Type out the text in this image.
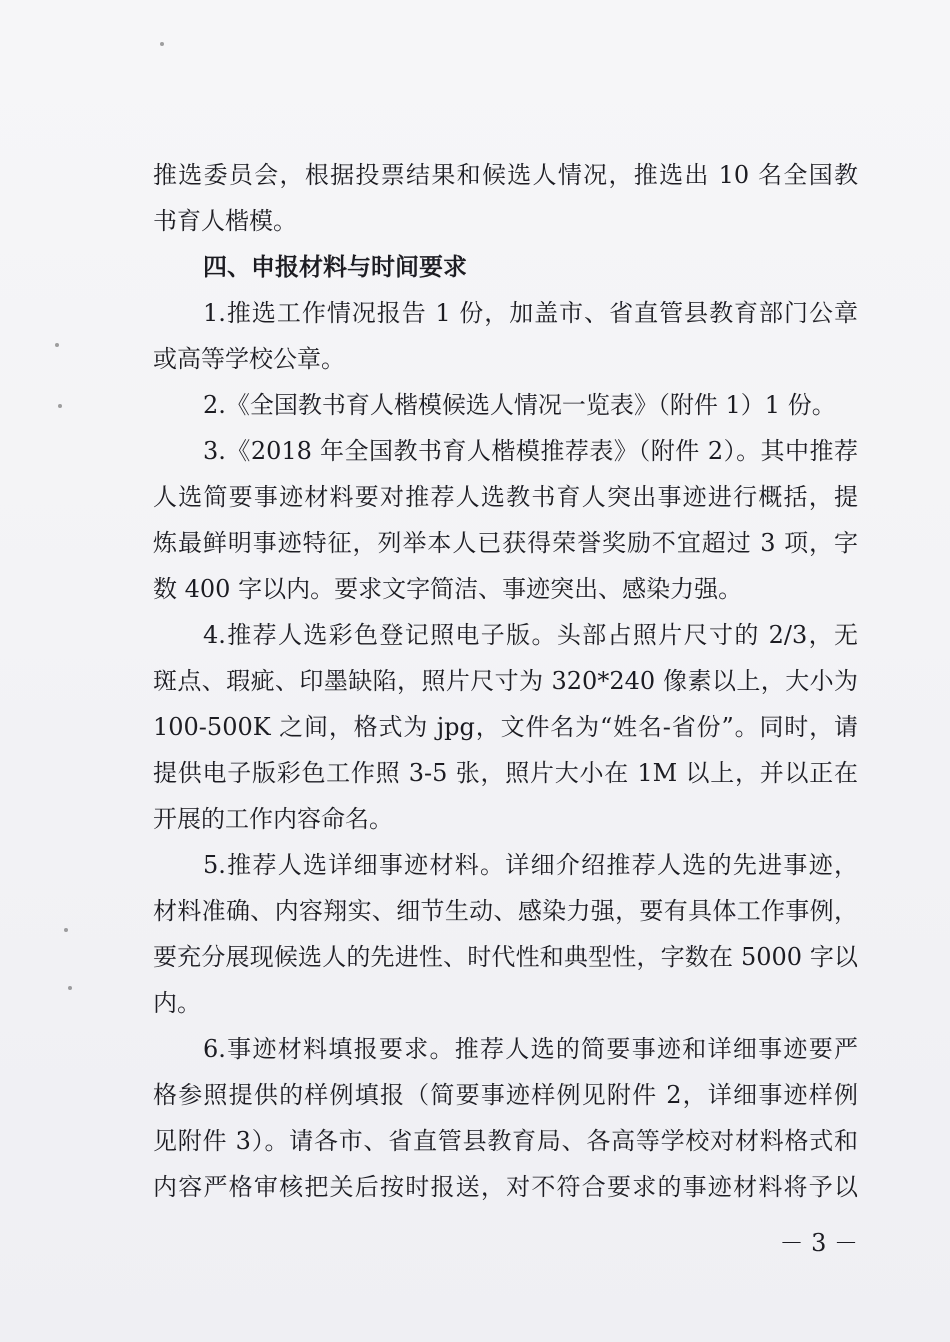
推选委员会，根据投票结果和候选人情况，推选出 10 名全国教
书育人楷模。
四、申报材料与时间要求
1.推选工作情况报告 1 份，加盖市、省直管县教育部门公章
或高等学校公章。
2.《全国教书育人楷模候选人情况一览表》（附件 1）1 份。
3.《2018 年全国教书育人楷模推荐表》（附件 2）。其中推荐
人选简要事迹材料要对推荐人选教书育人突出事迹进行概括，提
炼最鲜明事迹特征，列举本人已获得荣誉奖励不宜超过 3 项，字
数 400 字以内。要求文字简洁、事迹突出、感染力强。
4.推荐人选彩色登记照电子版。头部占照片尺寸的 2/3，无
斑点、瑕疵、印墨缺陷，照片尺寸为 320*240 像素以上，大小为
100-500K 之间，格式为 jpg，文件名为“姓名-省份”。同时，请
提供电子版彩色工作照 3-5 张，照片大小在 1M 以上，并以正在
开展的工作内容命名。
5.推荐人选详细事迹材料。详细介绍推荐人选的先进事迹，
材料准确、内容翔实、细节生动、感染力强，要有具体工作事例，
要充分展现候选人的先进性、时代性和典型性，字数在 5000 字以
内。
6.事迹材料填报要求。推荐人选的简要事迹和详细事迹要严
格参照提供的样例填报（简要事迹样例见附件 2，详细事迹样例
见附件 3）。请各市、省直管县教育局、各高等学校对材料格式和
内容严格审核把关后按时报送，对不符合要求的事迹材料将予以
－ 3 －
